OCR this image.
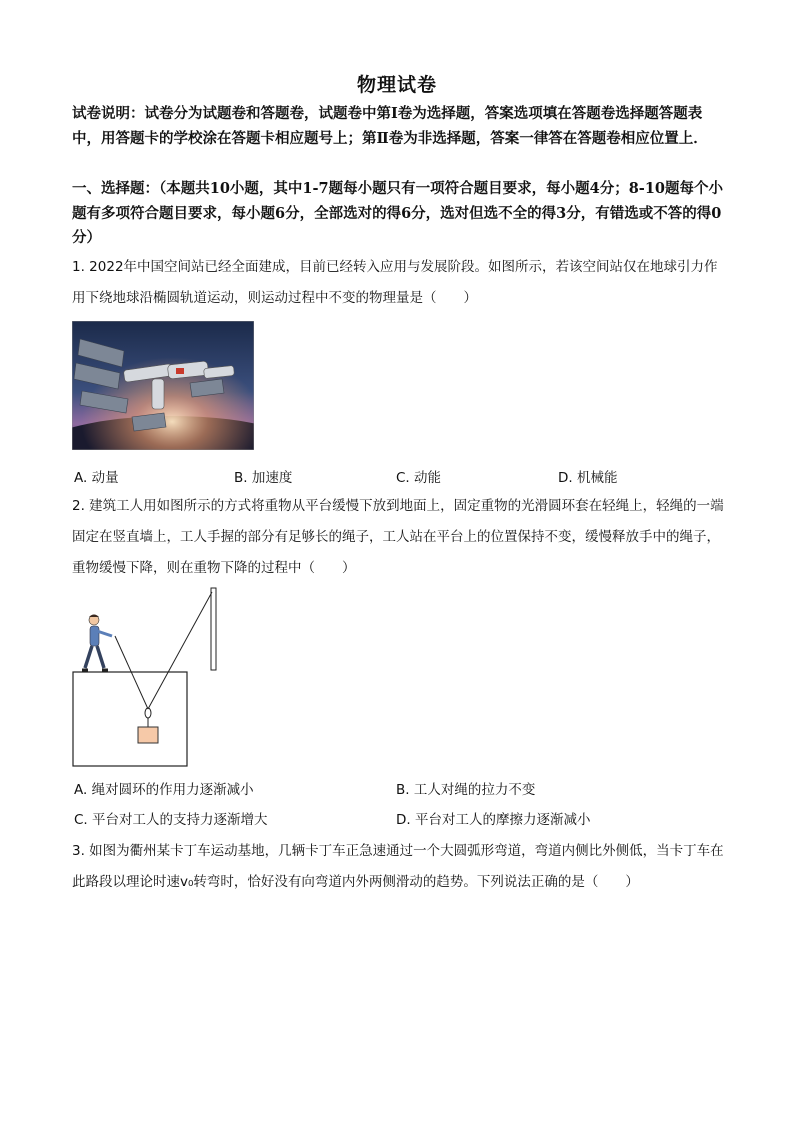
物理试卷

试卷说明：试卷分为试题卷和答题卷，试题卷中第Ⅰ卷为选择题，答案选项填在答题卷选择题答题表中，用答题卡的学校涂在答题卡相应题号上；第Ⅱ卷为非选择题，答案一律答在答题卷相应位置上．

一、选择题：（本题共10小题，其中1-7题每小题只有一项符合题目要求，每小题4分；8-10题每个小题有多项符合题目要求，每小题6分，全部选对的得6分，选对但选不全的得3分，有错选或不答的得0分）

1. 2022年中国空间站已经全面建成，目前已经转入应用与发展阶段。如图所示，若该空间站仅在地球引力作用下绕地球沿椭圆轨道运动，则运动过程中不变的物理量是（　　）

A. 动量	B. 加速度	C. 动能	D. 机械能

2. 建筑工人用如图所示的方式将重物从平台缓慢下放到地面上，固定重物的光滑圆环套在轻绳上，轻绳的一端固定在竖直墙上，工人手握的部分有足够长的绳子，工人站在平台上的位置保持不变，缓慢释放手中的绳子，重物缓慢下降，则在重物下降的过程中（　　）

A. 绳对圆环的作用力逐渐减小	B. 工人对绳的拉力不变
C. 平台对工人的支持力逐渐增大	D. 平台对工人的摩擦力逐渐减小

3. 如图为衢州某卡丁车运动基地，几辆卡丁车正急速通过一个大圆弧形弯道，弯道内侧比外侧低，当卡丁车在此路段以理论时速v₀转弯时，恰好没有向弯道内外两侧滑动的趋势。下列说法正确的是（　　）
